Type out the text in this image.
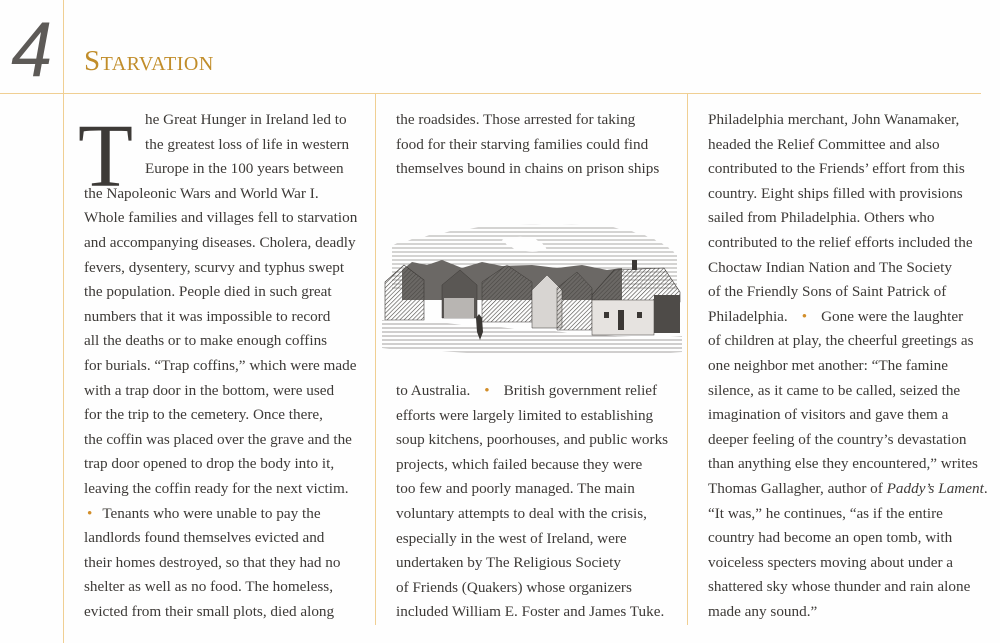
4 Starvation
T he Great Hunger in Ireland led to
the greatest loss of life in western
Europe in the 100 years between
the Napoleonic Wars and World War I.
Whole families and villages fell to starvation
and accompanying diseases. Cholera, deadly
fevers, dysentery, scurvy and typhus swept
the population. People died in such great
numbers that it was impossible to record
all the deaths or to make enough coffins
for burials. “Trap coffins,” which were made
with a trap door in the bottom, were used
for the trip to the cemetery. Once there,
the coffin was placed over the grave and the
trap door opened to drop the body into it,
leaving the coffin ready for the next victim.
• Tenants who were unable to pay the
landlords found themselves evicted and
their homes destroyed, so that they had no
shelter as well as no food. The homeless,
evicted from their small plots, died along
the roadsides. Those arrested for taking
food for their starving families could find
themselves bound in chains on prison ships
to Australia. • British government relief
efforts were largely limited to establishing
soup kitchens, poorhouses, and public works
projects, which failed because they were
too few and poorly managed. The main
voluntary attempts to deal with the crisis,
especially in the west of Ireland, were
undertaken by The Religious Society
of Friends (Quakers) whose organizers
included William E. Foster and James Tuke.
Philadelphia merchant, John Wanamaker,
headed the Relief Committee and also
contributed to the Friends’ effort from this
country. Eight ships filled with provisions
sailed from Philadelphia. Others who
contributed to the relief efforts included the
Choctaw Indian Nation and The Society
of the Friendly Sons of Saint Patrick of
Philadelphia. • Gone were the laughter
of children at play, the cheerful greetings as
one neighbor met another: “The famine
silence, as it came to be called, seized the
imagination of visitors and gave them a
deeper feeling of the country’s devastation
than anything else they encountered,” writes
Thomas Gallagher, author of Paddy’s Lament.
“It was,” he continues, “as if the entire
country had become an open tomb, with
voiceless specters moving about under a
shattered sky whose thunder and rain alone
made any sound.”
